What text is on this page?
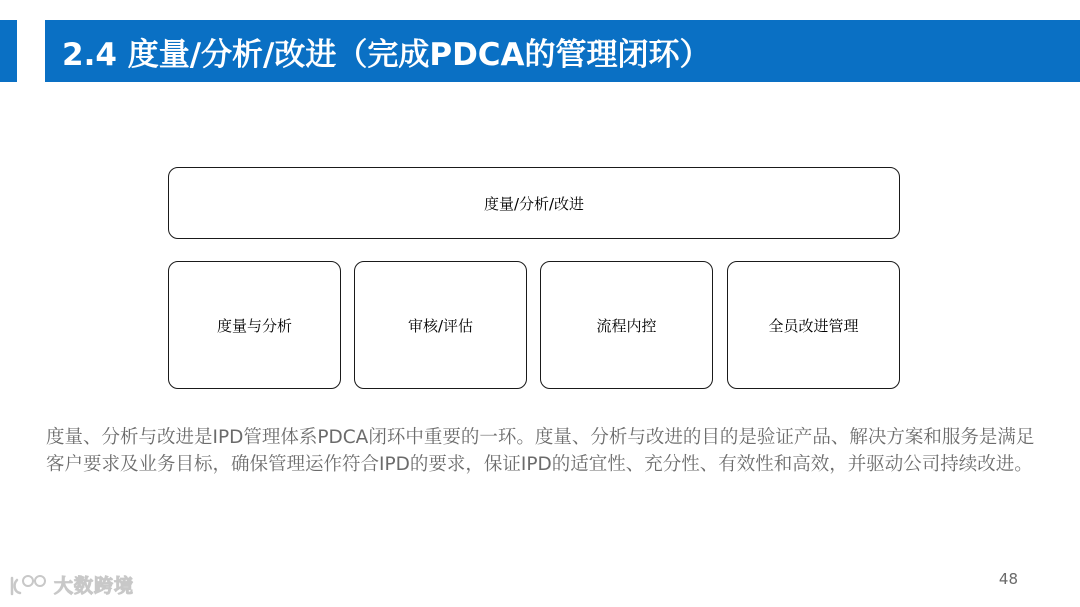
2.4 度量/分析/改进（完成PDCA的管理闭环）
度量/分析/改进
度量与分析	审核/评估	流程内控	全员改进管理

度量、分析与改进是IPD管理体系PDCA闭环中重要的一环。度量、分析与改进的目的是验证产品、解决方案和服务是满足客户要求及业务目标，确保管理运作符合IPD的要求，保证IPD的适宜性、充分性、有效性和高效，并驱动公司持续改进。

48
大数跨境
